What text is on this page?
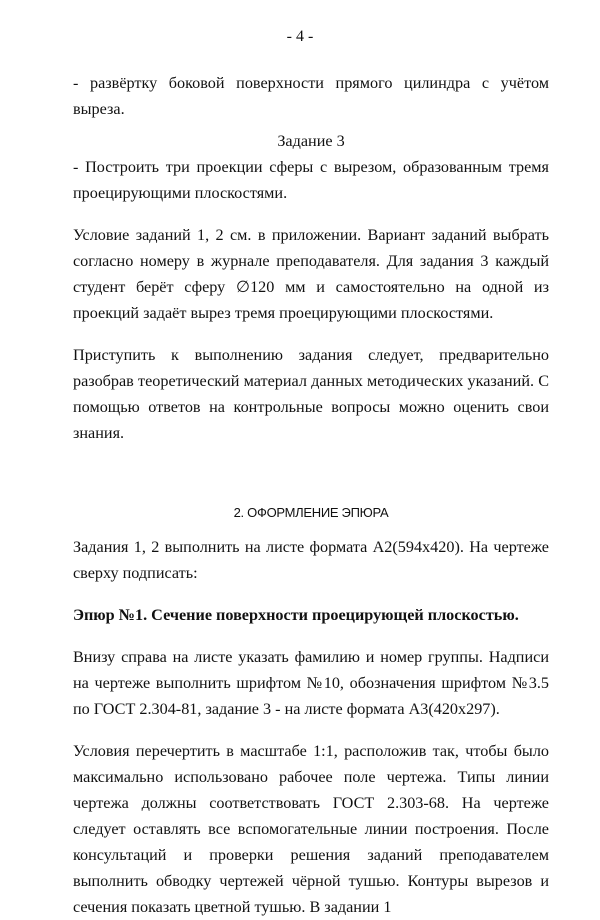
- 4 -

- развёртку боковой поверхности прямого цилиндра с учётом выреза.

Задание 3

- Построить три проекции сферы с вырезом, образованным тремя проецирующими плоскостями.

Условие заданий 1, 2 см. в приложении. Вариант заданий выбрать согласно номеру в журнале преподавателя. Для задания 3 каждый студент берёт сферу ∅120 мм и самостоятельно на одной из проекций задаёт вырез тремя проецирующими плоскостями.

Приступить к выполнению задания следует, предварительно разобрав теоретический материал данных методических указаний. С помощью ответов на контрольные вопросы можно оценить свои знания.

2. ОФОРМЛЕНИЕ ЭПЮРА

Задания 1, 2 выполнить на листе формата А2(594х420). На чертеже сверху подписать:

Эпюр №1. Сечение поверхности проецирующей плоскостью.

Внизу справа на листе указать фамилию и номер группы. Надписи на чертеже выполнить шрифтом №10, обозначения шрифтом №3.5 по ГОСТ 2.304-81, задание 3 - на листе формата А3(420х297).

Условия перечертить в масштабе 1:1, расположив так, чтобы было максимально использовано рабочее поле чертежа. Типы линии чертежа должны соответствовать ГОСТ 2.303-68. На чертеже следует оставлять все вспомогательные линии построения. После консультаций и проверки решения заданий преподавателем выполнить обводку чертежей чёрной тушью. Контуры вырезов и сечения показать цветной тушью. В задании 1
